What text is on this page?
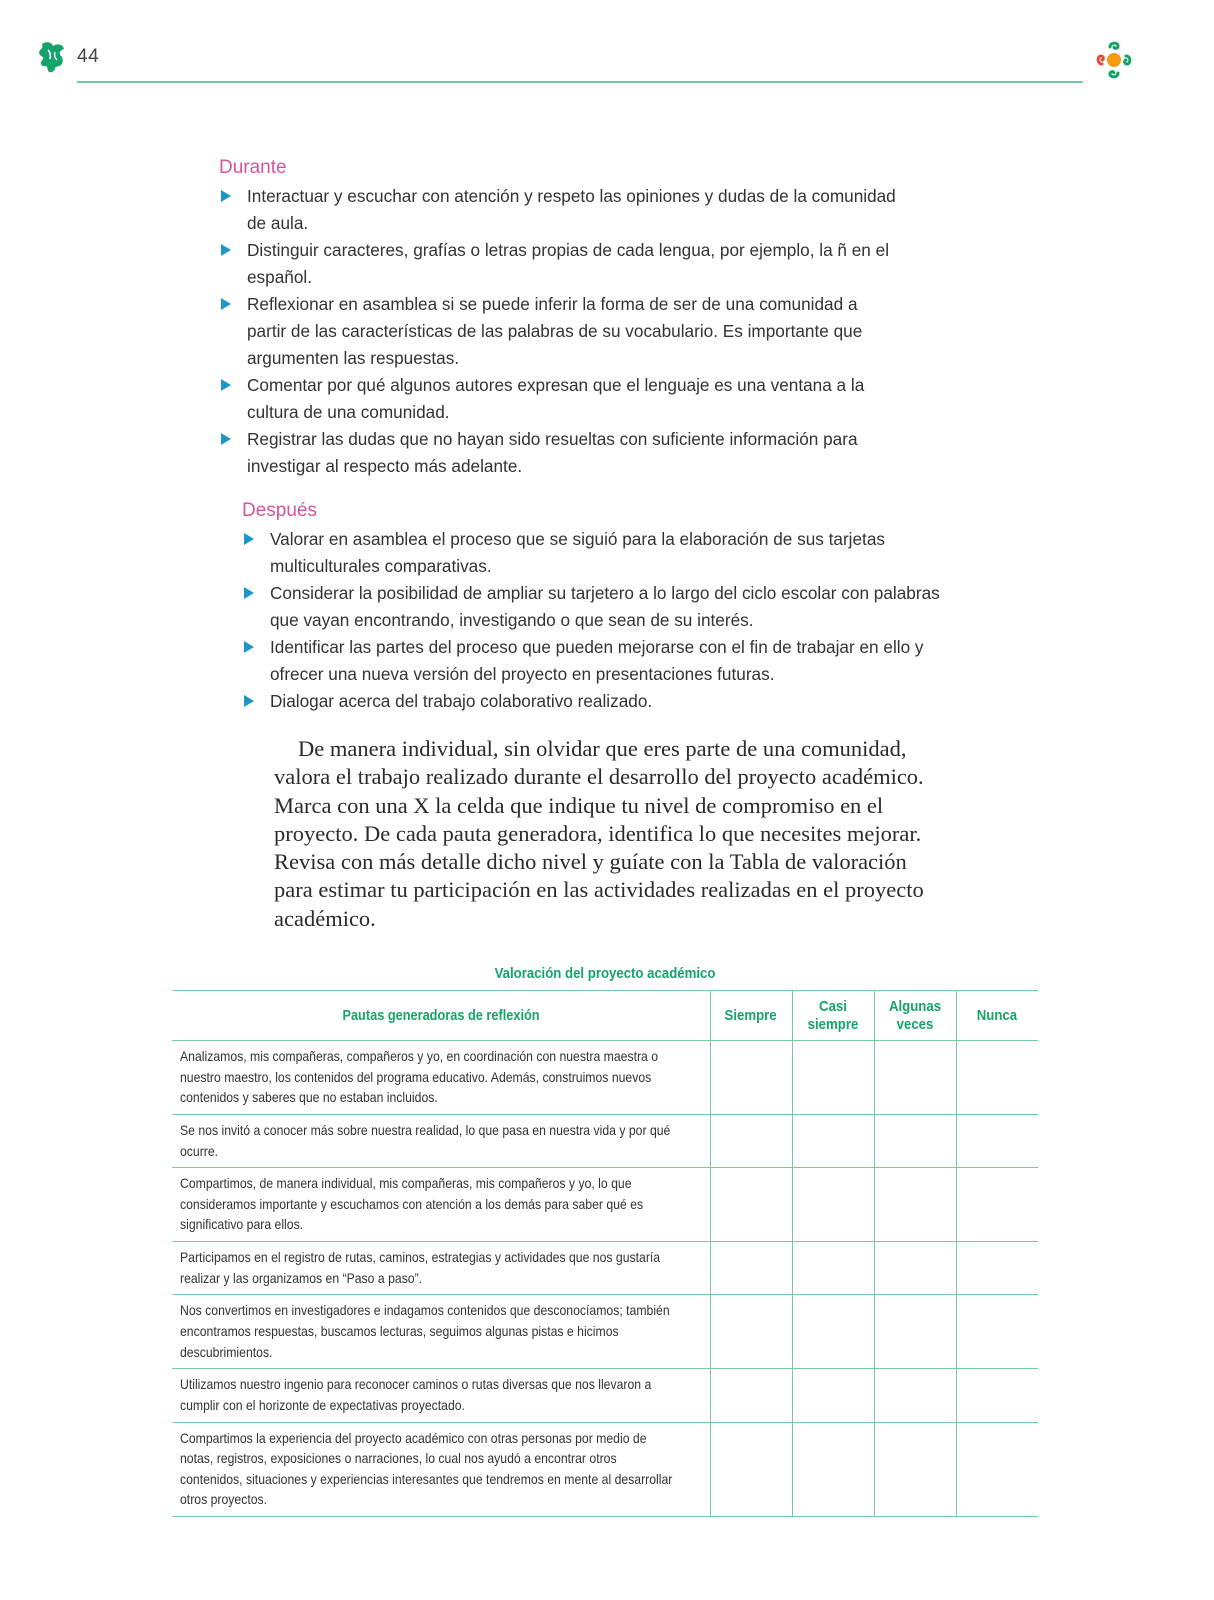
44
Durante
Interactuar y escuchar con atención y respeto las opiniones y dudas de la comunidad de aula.
Distinguir caracteres, grafías o letras propias de cada lengua, por ejemplo, la ñ en el español.
Reflexionar en asamblea si se puede inferir la forma de ser de una comunidad a partir de las características de las palabras de su vocabulario. Es importante que argumenten las respuestas.
Comentar por qué algunos autores expresan que el lenguaje es una ventana a la cultura de una comunidad.
Registrar las dudas que no hayan sido resueltas con suficiente información para investigar al respecto más adelante.
Después
Valorar en asamblea el proceso que se siguió para la elaboración de sus tarjetas multiculturales comparativas.
Considerar la posibilidad de ampliar su tarjetero a lo largo del ciclo escolar con palabras que vayan encontrando, investigando o que sean de su interés.
Identificar las partes del proceso que pueden mejorarse con el fin de trabajar en ello y ofrecer una nueva versión del proyecto en presentaciones futuras.
Dialogar acerca del trabajo colaborativo realizado.

De manera individual, sin olvidar que eres parte de una comunidad, valora el trabajo realizado durante el desarrollo del proyecto académico. Marca con una X la celda que indique tu nivel de compromiso en el proyecto. De cada pauta generadora, identifica lo que necesites mejorar. Revisa con más detalle dicho nivel y guíate con la Tabla de valoración para estimar tu participación en las actividades realizadas en el proyecto académico.

Valoración del proyecto académico
Pautas generadoras de reflexión	Siempre	Casi siempre	Algunas veces	Nunca

Analizamos, mis compañeras, compañeros y yo, en coordinación con nuestra maestra o nuestro maestro, los contenidos del programa educativo. Además, construimos nuevos contenidos y saberes que no estaban incluidos.				

Se nos invitó a conocer más sobre nuestra realidad, lo que pasa en nuestra vida y por qué ocurre.				

Compartimos, de manera individual, mis compañeras, mis compañeros y yo, lo que consideramos importante y escuchamos con atención a los demás para saber qué es significativo para ellos.				

Participamos en el registro de rutas, caminos, estrategias y actividades que nos gustaría realizar y las organizamos en “Paso a paso”.				

Nos convertimos en investigadores e indagamos contenidos que desconocíamos; también encontramos respuestas, buscamos lecturas, seguimos algunas pistas e hicimos descubrimientos.				

Utilizamos nuestro ingenio para reconocer caminos o rutas diversas que nos llevaron a cumplir con el horizonte de expectativas proyectado.				

Compartimos la experiencia del proyecto académico con otras personas por medio de notas, registros, exposiciones o narraciones, lo cual nos ayudó a encontrar otros contenidos, situaciones y experiencias interesantes que tendremos en mente al desarrollar otros proyectos.				
